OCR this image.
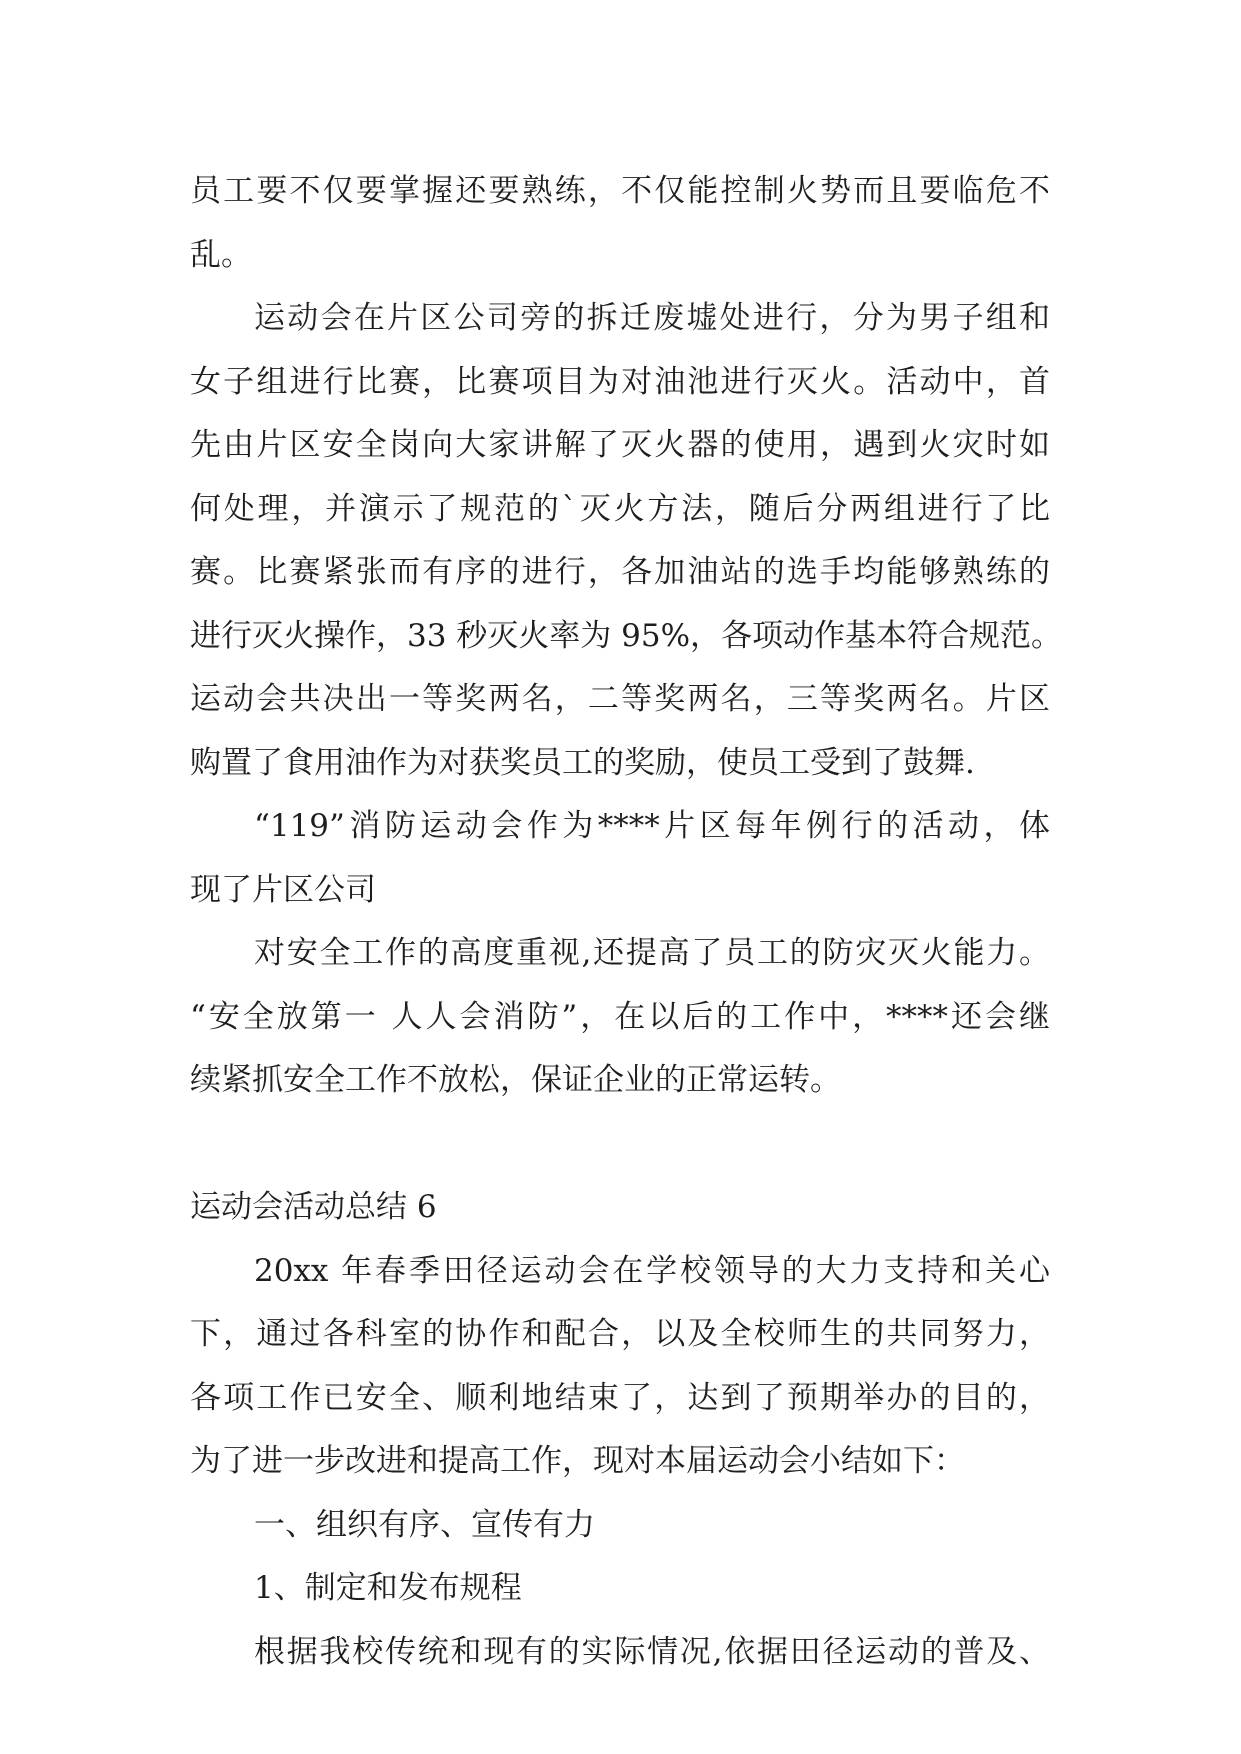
员工要不仅要掌握还要熟练，不仅能控制火势而且要临危不
乱。
运动会在片区公司旁的拆迁废墟处进行，分为男子组和
女子组进行比赛，比赛项目为对油池进行灭火。活动中，首
先由片区安全岗向大家讲解了灭火器的使用，遇到火灾时如
何处理，并演示了规范的`灭火方法，随后分两组进行了比
赛。比赛紧张而有序的进行，各加油站的选手均能够熟练的
进行灭火操作，33 秒灭火率为 95%，各项动作基本符合规范。
运动会共决出一等奖两名，二等奖两名，三等奖两名。片区
购置了食用油作为对获奖员工的奖励，使员工受到了鼓舞.
“119”消防运动会作为****片区每年例行的活动，体
现了片区公司
对安全工作的高度重视,还提高了员工的防灾灭火能力。
“安全放第一 人人会消防”，在以后的工作中，****还会继
续紧抓安全工作不放松，保证企业的正常运转。
运动会活动总结 6
20xx 年春季田径运动会在学校领导的大力支持和关心
下，通过各科室的协作和配合，以及全校师生的共同努力，
各项工作已安全、顺利地结束了，达到了预期举办的目的，
为了进一步改进和提高工作，现对本届运动会小结如下：
一、组织有序、宣传有力
1、制定和发布规程
根据我校传统和现有的实际情况,依据田径运动的普及、
